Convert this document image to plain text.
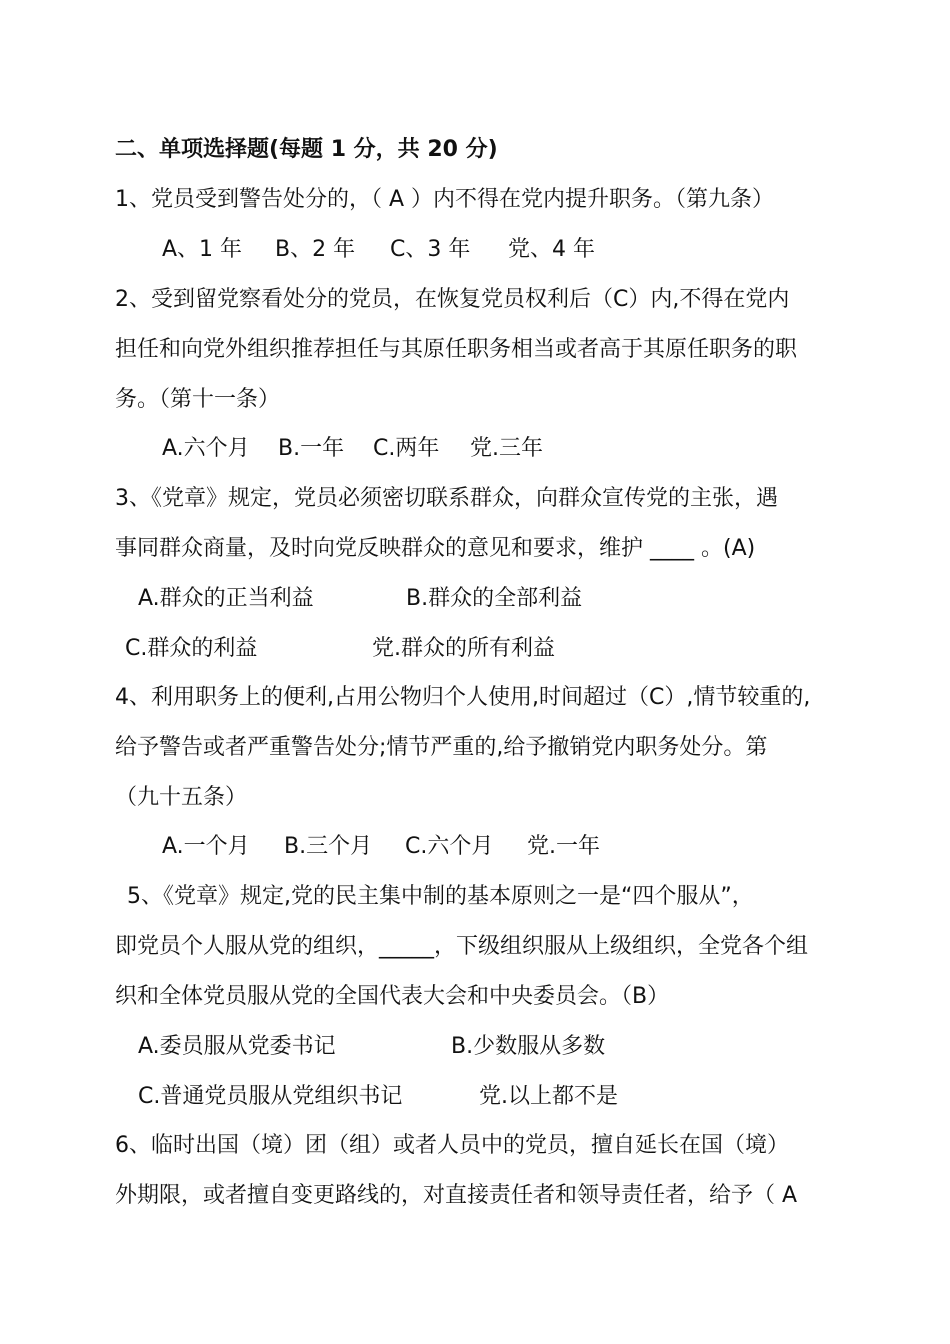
二、单项选择题(每题 1 分，共 20 分)
1、党员受到警告处分的，（ A ）内不得在党内提升职务。（第九条）
A、1 年 B、2 年 C、3 年 党、4 年
2、受到留党察看处分的党员，在恢复党员权利后（C）内,不得在党内
担任和向党外组织推荐担任与其原任职务相当或者高于其原任职务的职
务。（第十一条）
A.六个月 B.一年 C.两年 党.三年
3、《党章》规定，党员必须密切联系群众，向群众宣传党的主张，遇
事同群众商量，及时向党反映群众的意见和要求，维护 ____ 。(A)
A.群众的正当利益	B.群众的全部利益
C.群众的利益	党.群众的所有利益
4、利用职务上的便利,占用公物归个人使用,时间超过（C）,情节较重的,
给予警告或者严重警告处分;情节严重的,给予撤销党内职务处分。第
（九十五条）
A.一个月 B.三个月 C.六个月 党.一年
5、《党章》规定,党的民主集中制的基本原则之一是“四个服从”，
即党员个人服从党的组织，_____，下级组织服从上级组织，全党各个组
织和全体党员服从党的全国代表大会和中央委员会。（B）
A.委员服从党委书记	B.少数服从多数
C.普通党员服从党组织书记	党.以上都不是
6、临时出国（境）团（组）或者人员中的党员，擅自延长在国（境）
外期限，或者擅自变更路线的，对直接责任者和领导责任者，给予（ A
